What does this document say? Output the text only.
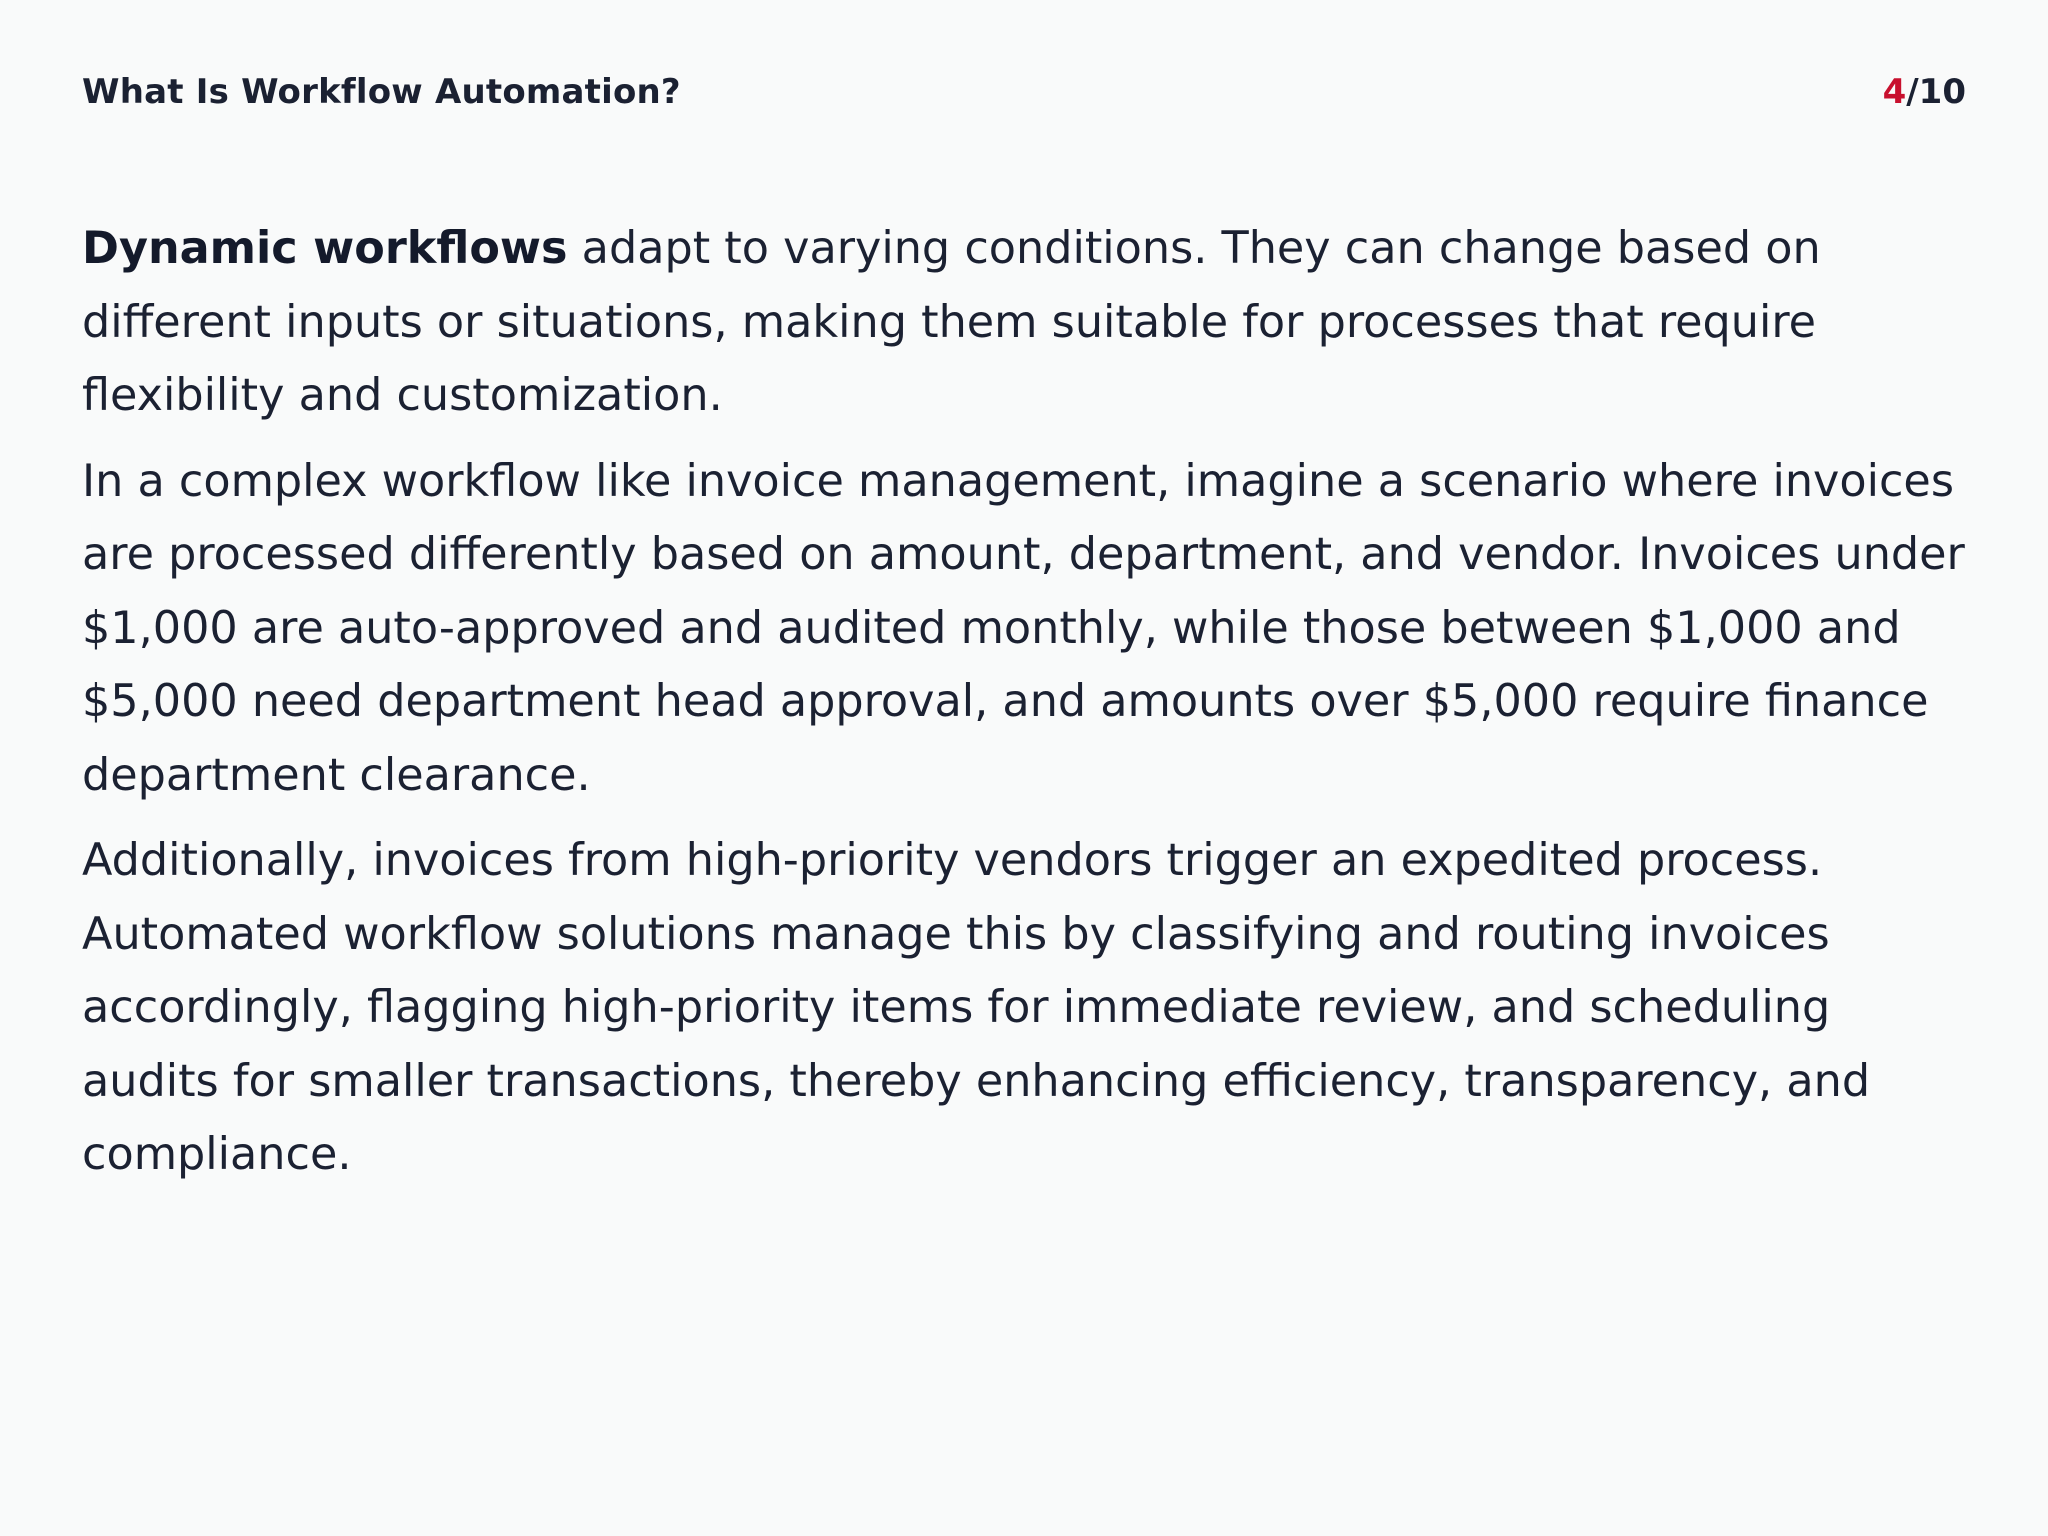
What Is Workflow Automation?	4/10

Dynamic workflows adapt to varying conditions. They can change based on different inputs or situations, making them suitable for processes that require flexibility and customization.

In a complex workflow like invoice management, imagine a scenario where invoices are processed differently based on amount, department, and vendor. Invoices under $1,000 are auto-approved and audited monthly, while those between $1,000 and $5,000 need department head approval, and amounts over $5,000 require finance department clearance.

Additionally, invoices from high-priority vendors trigger an expedited process. Automated workflow solutions manage this by classifying and routing invoices accordingly, flagging high-priority items for immediate review, and scheduling audits for smaller transactions, thereby enhancing efficiency, transparency, and compliance.
